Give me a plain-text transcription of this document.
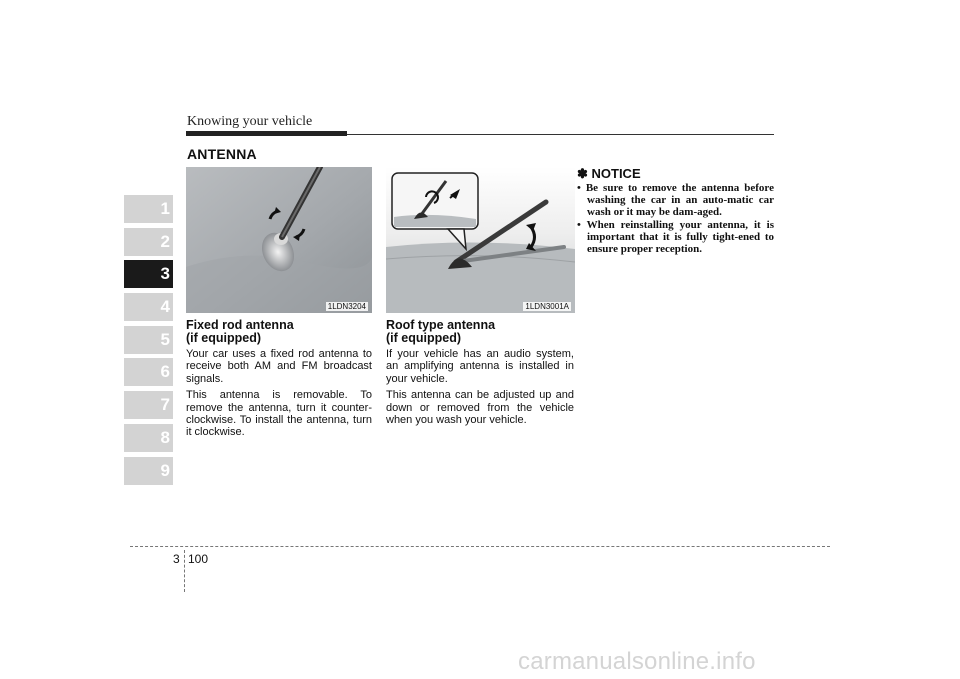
Knowing your vehicle
ANTENNA
1
2
3
4
5
6
7
8
9
1LDN3204	1LDN3001A
Fixed rod antenna
(if equipped)

Your car uses a fixed rod antenna to receive both AM and FM broadcast signals.

This antenna is removable. To remove the antenna, turn it counter-clockwise. To install the antenna, turn it clockwise.

Roof type antenna
(if equipped)

If your vehicle has an audio system, an amplifying antenna is installed in your vehicle.

This antenna can be adjusted up and down or removed from the vehicle when you wash your vehicle.

✽ NOTICE
• Be sure to remove the antenna before washing the car in an auto-matic car wash or it may be dam-aged.
• When reinstalling your antenna, it is important that it is fully tight-ened to ensure proper reception.
3 100
carmanualsonline.info
